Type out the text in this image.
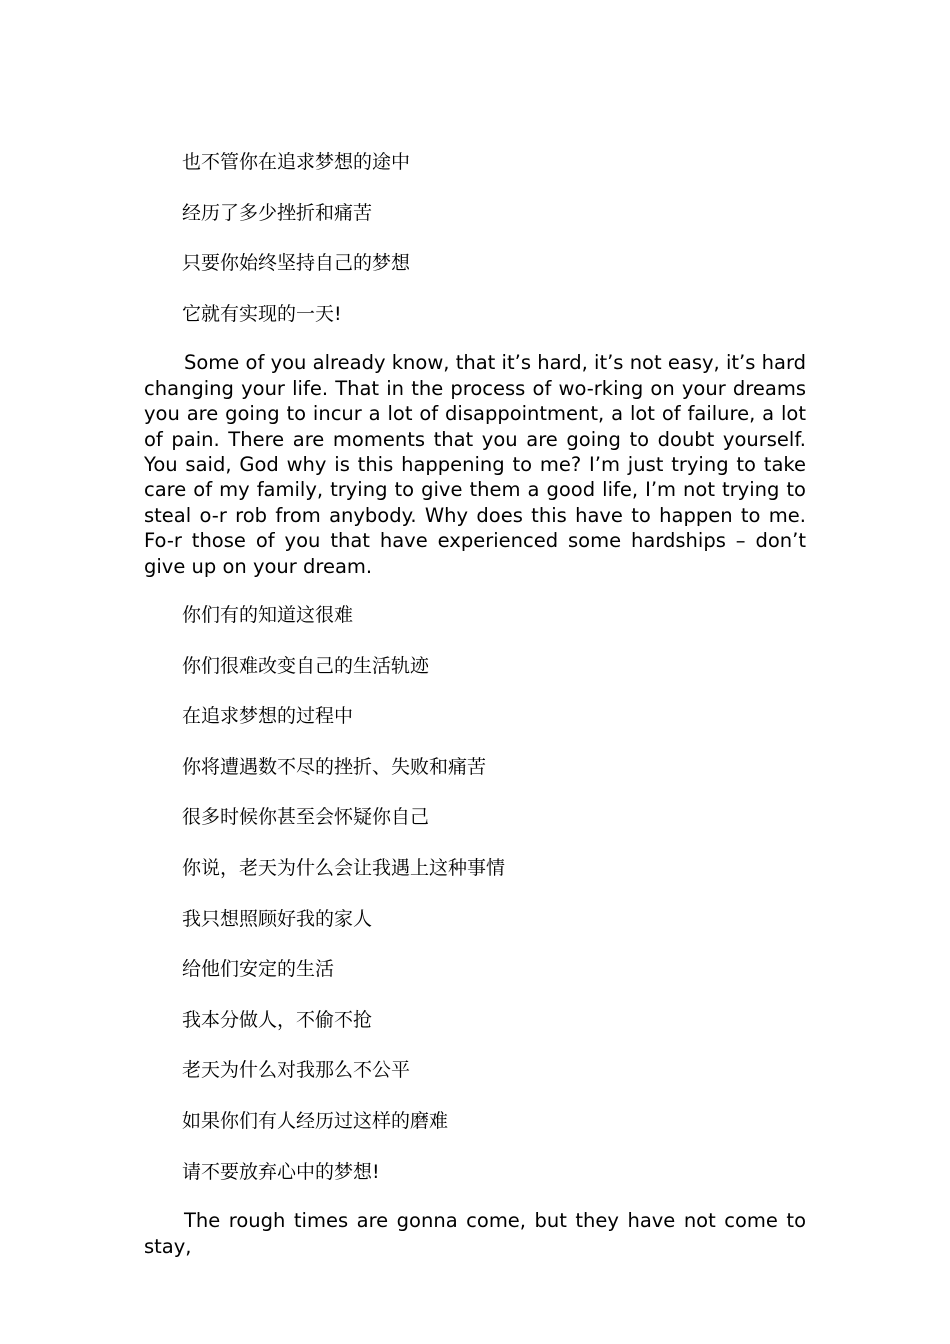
也不管你在追求梦想的途中

经历了多少挫折和痛苦

只要你始终坚持自己的梦想

它就有实现的一天!

Some of you already know, that it’s hard, it’s not easy, it’s hard changing your life. That in the process of wo-rking on your dreams you are going to incur a lot of disappointment, a lot of failure, a lot of pain. There are moments that you are going to doubt yourself. You said, God why is this happening to me? I’m just trying to take care of my family, trying to give them a good life, I’m not trying to steal o-r rob from anybody. Why does this have to happen to me. Fo-r those of you that have experienced some hardships – don’t give up on your dream.

你们有的知道这很难

你们很难改变自己的生活轨迹

在追求梦想的过程中

你将遭遇数不尽的挫折、失败和痛苦

很多时候你甚至会怀疑你自己

你说，老天为什么会让我遇上这种事情

我只想照顾好我的家人

给他们安定的生活

我本分做人，不偷不抢

老天为什么对我那么不公平

如果你们有人经历过这样的磨难

请不要放弃心中的梦想!

The rough times are gonna come, but they have not come to stay,
